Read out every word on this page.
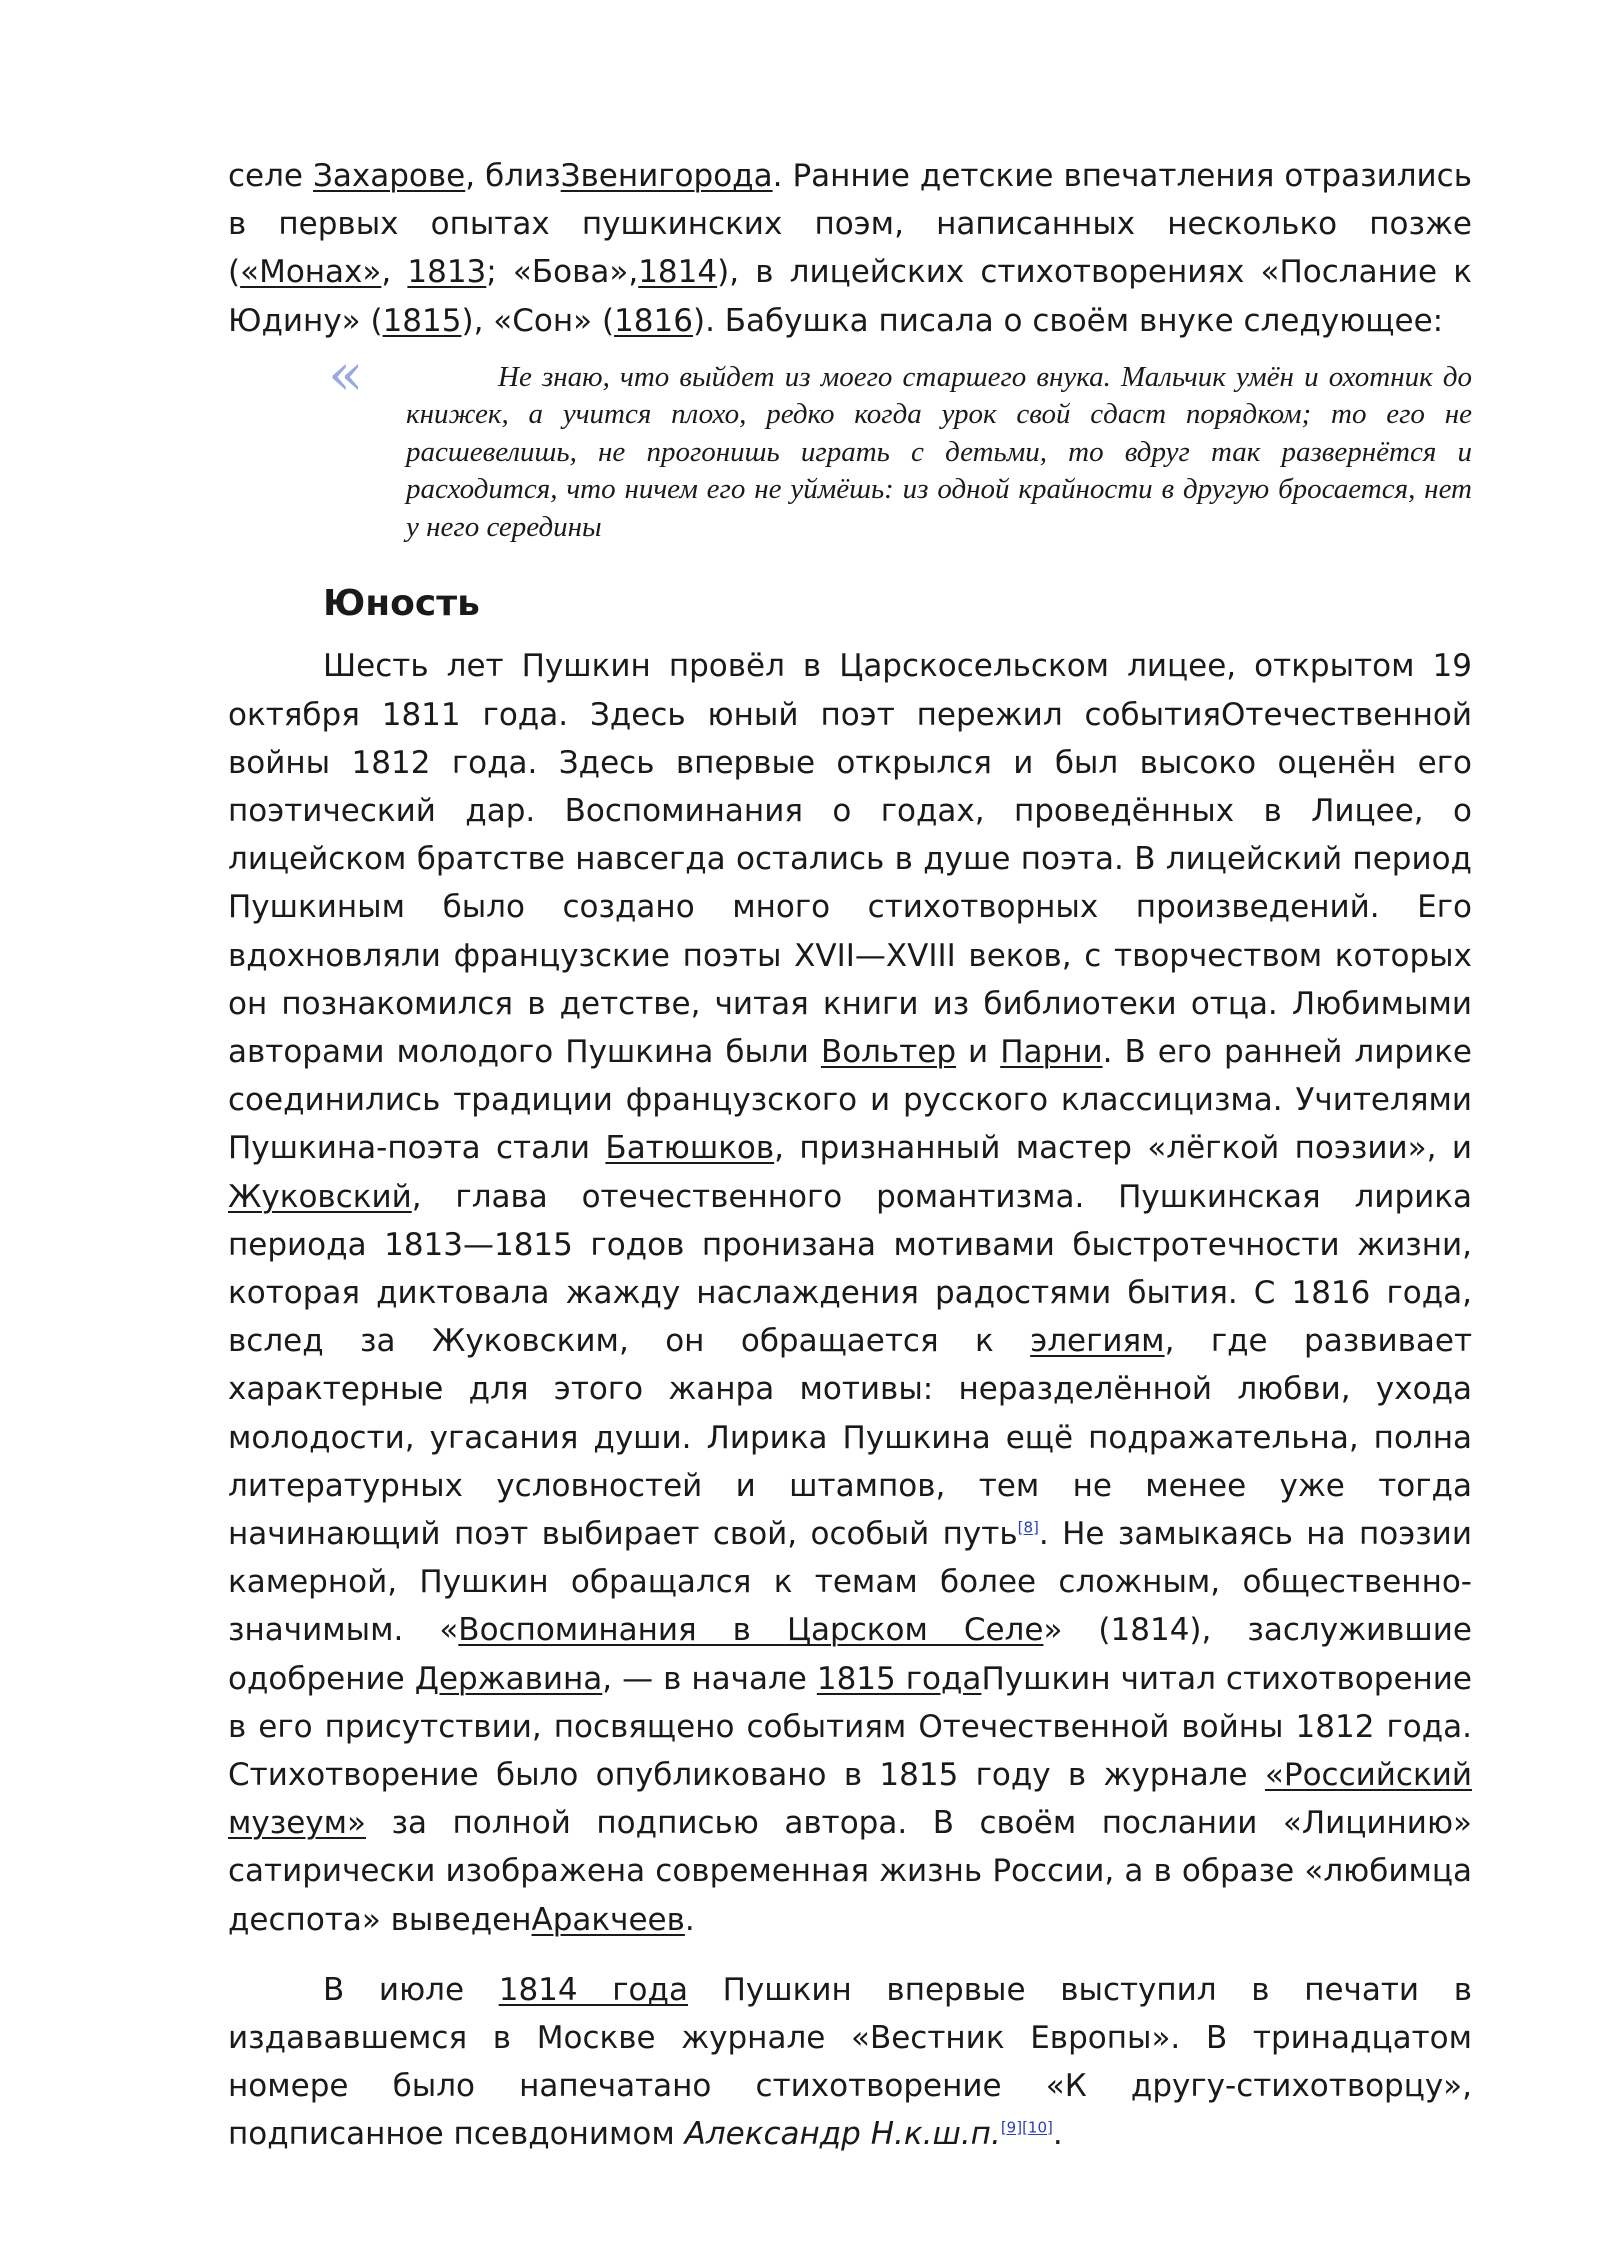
селе Захарове, близЗвенигорода. Ранние детские впечатления отразились в первых опытах пушкинских поэм, написанных несколько позже («Монах», 1813; «Бова»,1814), в лицейских стихотворениях «Послание к Юдину» (1815), «Сон» (1816). Бабушка писала о своём внуке следующее:

«	Не знаю, что выйдет из моего старшего внука. Мальчик умён и охотник до книжек, а учится плохо, редко когда урок свой сдаст порядком; то его не расшевелишь, не прогонишь играть с детьми, то вдруг так развернётся и расходится, что ничем его не уймёшь: из одной крайности в другую бросается, нет у него середины
Юность

Шесть лет Пушкин провёл в Царскосельском лицее, открытом 19 октября 1811 года. Здесь юный поэт пережил событияОтечественной войны 1812 года. Здесь впервые открылся и был высоко оценён его поэтический дар. Воспоминания о годах, проведённых в Лицее, о лицейском братстве навсегда остались в душе поэта. В лицейский период Пушкиным было создано много стихотворных произведений. Его вдохновляли французские поэты XVII—XVIII веков, с творчеством которых он познакомился в детстве, читая книги из библиотеки отца. Любимыми авторами молодого Пушкина были Вольтер и Парни. В его ранней лирике соединились традиции французского и русского классицизма. Учителями Пушкина-поэта стали Батюшков, признанный мастер «лёгкой поэзии», и Жуковский, глава отечественного романтизма. Пушкинская лирика периода 1813—1815 годов пронизана мотивами быстротечности жизни, которая диктовала жажду наслаждения радостями бытия. С 1816 года, вслед за Жуковским, он обращается к элегиям, где развивает характерные для этого жанра мотивы: неразделённой любви, ухода молодости, угасания души. Лирика Пушкина ещё подражательна, полна литературных условностей и штампов, тем не менее уже тогда начинающий поэт выбирает свой, особый путь[8]. Не замыкаясь на поэзии камерной, Пушкин обращался к темам более сложным, общественно-значимым. «Воспоминания в Царском Селе» (1814), заслужившие одобрение Державина, — в начале 1815 годаПушкин читал стихотворение в его присутствии, посвящено событиям Отечественной войны 1812 года. Стихотворение было опубликовано в 1815 году в журнале «Российский музеум» за полной подписью автора. В своём послании «Лицинию» сатирически изображена современная жизнь России, а в образе «любимца деспота» выведенАракчеев.

В июле 1814 года Пушкин впервые выступил в печати в издававшемся в Москве журнале «Вестник Европы». В тринадцатом номере было напечатано стихотворение «К другу-стихотворцу», подписанное псевдонимом Александр Н.к.ш.п.[9][10].
